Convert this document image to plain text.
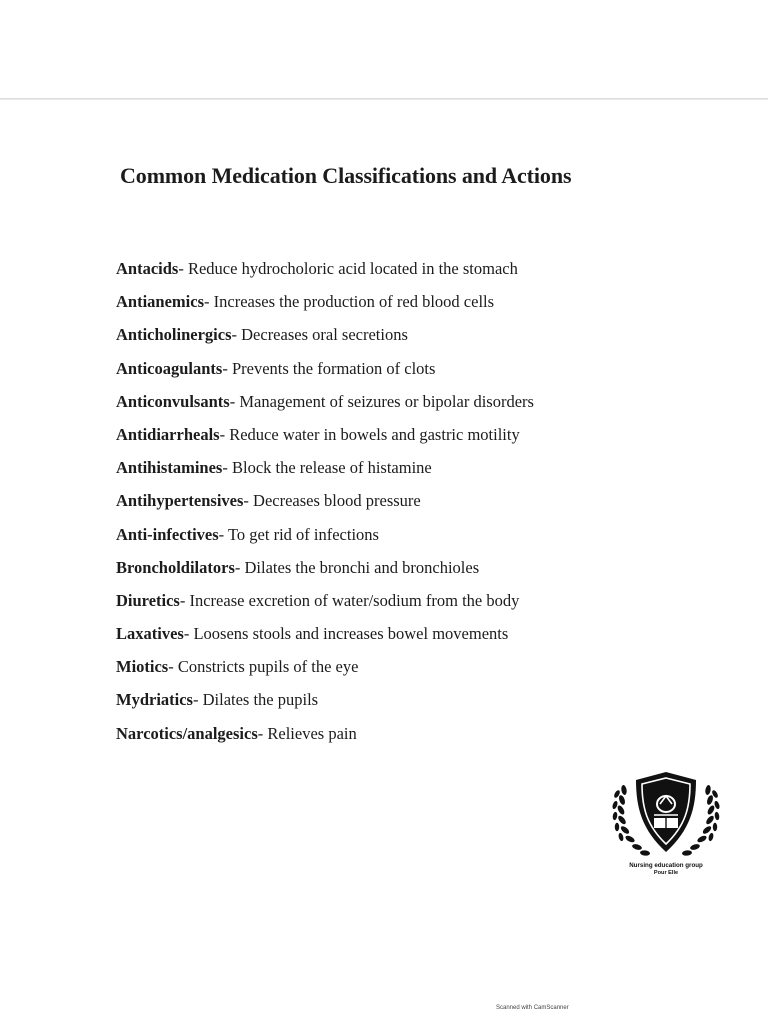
Common Medication Classifications and Actions
Antacids- Reduce hydrocholoric acid located in the stomach
Antianemics- Increases the production of red blood cells
Anticholinergics- Decreases oral secretions
Anticoagulants- Prevents the formation of clots
Anticonvulsants- Management of seizures or bipolar disorders
Antidiarrheals- Reduce water in bowels and gastric motility
Antihistamines- Block the release of histamine
Antihypertensives- Decreases blood pressure
Anti-infectives- To get rid of infections
Broncholdilators- Dilates the bronchi and bronchioles
Diuretics- Increase excretion of water/sodium from the body
Laxatives- Loosens stools and increases bowel movements
Miotics- Constricts pupils of the eye
Mydriatics- Dilates the pupils
Narcotics/analgesics- Relieves pain
Nursing education group
Pour Elle

Scanned with CamScanner
